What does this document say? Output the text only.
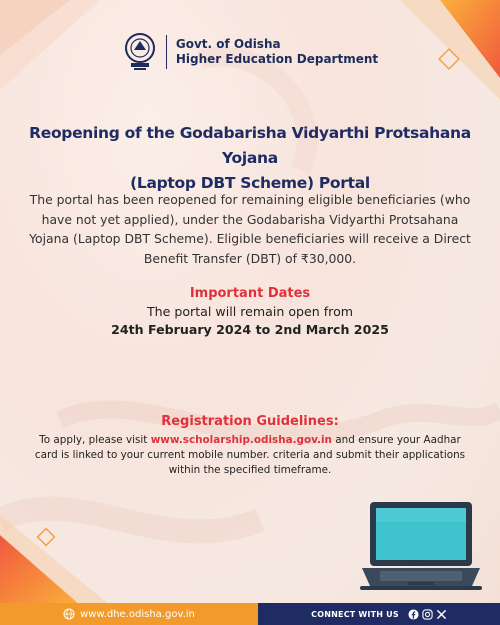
Govt. of Odisha
Higher Education Department
Reopening of the Godabarisha Vidyarthi Protsahana Yojana
(Laptop DBT Scheme) Portal
The portal has been reopened for remaining eligible beneficiaries (who have not yet applied), under the Godabarisha Vidyarthi Protsahana Yojana (Laptop DBT Scheme). Eligible beneficiaries will receive a Direct Benefit Transfer (DBT) of ₹30,000.
Important Dates
The portal will remain open from
24th February 2024 to 2nd March 2025
Registration Guidelines:
To apply, please visit www.scholarship.odisha.gov.in and ensure your Aadhar card is linked to your current mobile number. criteria and submit their applications within the specified timeframe.
www.dhe.odisha.gov.in	CONNECT WITH US
